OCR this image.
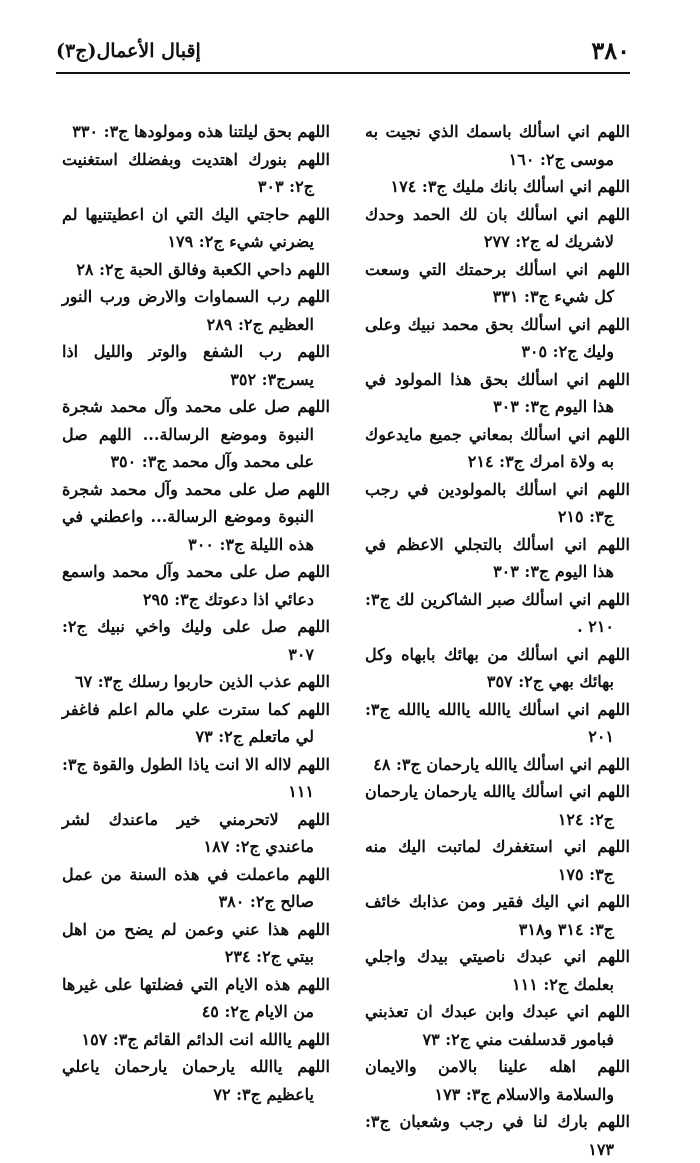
٣٨٠
إقبال الأعمال(ج٣)
اللهم اني اسألك باسمك الذي نجيت به موسى ج٢: ١٦٠
اللهم اني اسألك بانك مليك ج٣: ١٧٤
اللهم اني اسألك بان لك الحمد وحدك لاشريك له ج٢: ٢٧٧
اللهم اني اسألك برحمتك التي وسعت كل شيء ج٣: ٣٣١
اللهم اني اسألك بحق محمد نبيك وعلى وليك ج٢: ٣٠٥
اللهم اني اسألك بحق هذا المولود في هذا اليوم ج٣: ٣٠٣
اللهم اني اسألك بمعاني جميع مايدعوك به ولاة امرك ج٣: ٢١٤
اللهم اني اسألك بالمولودين في رجب ج٣: ٢١٥
اللهم اني اسألك بالتجلي الاعظم في هذا اليوم ج٣: ٣٠٣
اللهم اني اسألك صبر الشاكرين لك ج٣: ٢١٠ .
اللهم اني اسألك من بهائك بابهاه وكل بهائك بهي ج٢: ٣٥٧
اللهم اني اسألك ياالله ياالله ياالله ج٣: ٢٠١
اللهم اني اسألك ياالله يارحمان ج٣: ٤٨
اللهم اني اسألك ياالله يارحمان يارحمان ج٢: ١٢٤
اللهم اني استغفرك لماتبت اليك منه ج٣: ١٧٥
اللهم اني اليك فقير ومن عذابك خائف ج٣: ٣١٤ و٣١٨
اللهم اني عبدك ناصيتي بيدك واجلي بعلمك ج٢: ١١١
اللهم اني عبدك وابن عبدك ان تعذبني فبامور قدسلفت مني ج٢: ٧٣
اللهم اهله علينا بالامن والايمان والسلامة والاسلام ج٣: ١٧٣
اللهم بارك لنا في رجب وشعبان ج٣: ١٧٣
اللهم بحق ليلتنا هذه ومولودها ج٣: ٣٣٠
اللهم بنورك اهتديت وبفضلك استغنيت ج٢: ٣٠٣
اللهم حاجتي اليك التي ان اعطيتنيها لم يضرني شيء ج٢: ١٧٩
اللهم داحي الكعبة وفالق الحبة ج٢: ٢٨
اللهم رب السماوات والارض ورب النور العظيم ج٢: ٢٨٩
اللهم رب الشفع والوتر والليل اذا يسرج٣: ٣٥٢
اللهم صل على محمد وآل محمد شجرة النبوة وموضع الرسالة... اللهم صل على محمد وآل محمد ج٣: ٣٥٠
اللهم صل على محمد وآل محمد شجرة النبوة وموضع الرسالة... واعطني في هذه الليلة ج٣: ٣٠٠
اللهم صل على محمد وآل محمد واسمع دعائي اذا دعوتك ج٣: ٢٩٥
اللهم صل على وليك واخي نبيك ج٢: ٣٠٧
اللهم عذب الذين حاربوا رسلك ج٣: ٦٧
اللهم كما سترت علي مالم اعلم فاغفر لي ماتعلم ج٢: ٧٣
اللهم لااله الا انت ياذا الطول والقوة ج٣: ١١١
اللهم لاتحرمني خير ماعندك لشر ماعندي ج٢: ١٨٧
اللهم ماعملت في هذه السنة من عمل صالح ج٢: ٣٨٠
اللهم هذا عني وعمن لم يضح من اهل بيتي ج٢: ٢٣٤
اللهم هذه الايام التي فضلتها على غيرها من الايام ج٢: ٤٥
اللهم ياالله انت الدائم القائم ج٣: ١٥٧
اللهم ياالله يارحمان يارحمان ياعلي ياعظيم ج٣: ٧٢
